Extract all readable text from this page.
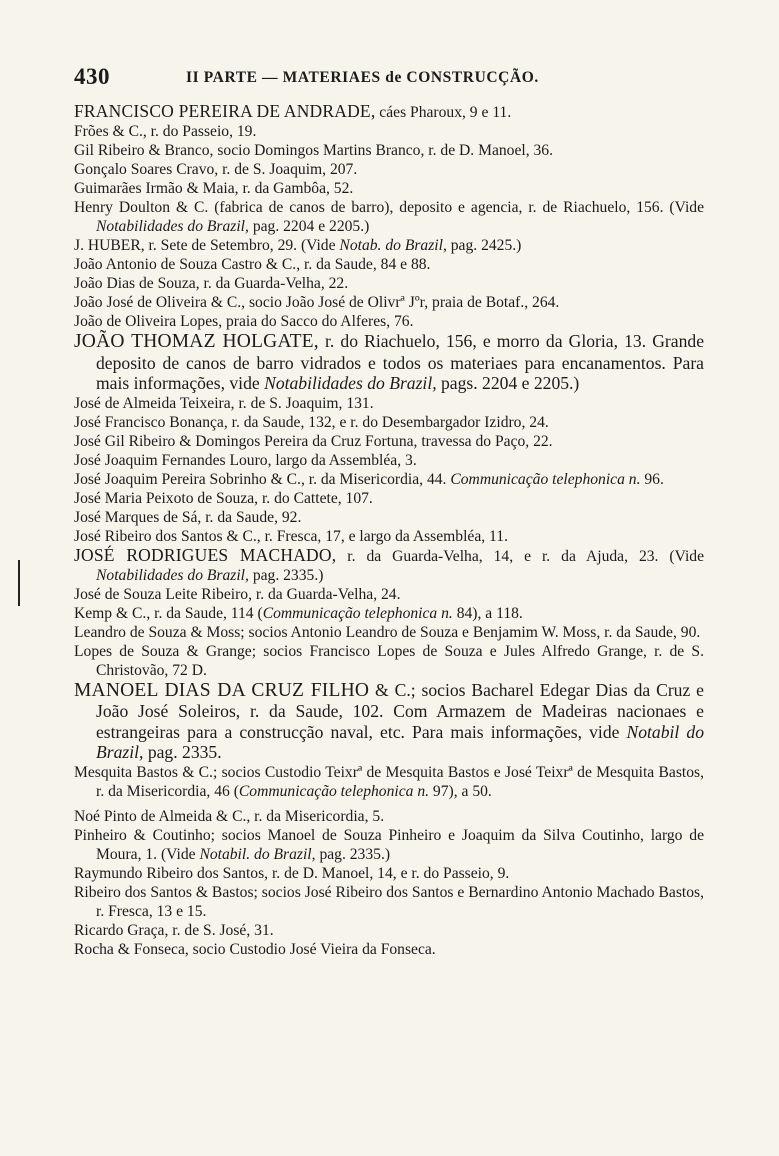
430	II PARTE — MATERIAES de CONSTRUCÇÃO.
FRANCISCO PEREIRA DE ANDRADE, cáes Pharoux, 9 e 11.
Frões & C., r. do Passeio, 19.
Gil Ribeiro & Branco, socio Domingos Martins Branco, r. de D. Manoel, 36.
Gonçalo Soares Cravo, r. de S. Joaquim, 207.
Guimarães Irmão & Maia, r. da Gambôa, 52.
Henry Doulton & C. (fabrica de canos de barro), deposito e agencia, r. de Riachuelo, 156. (Vide Notabilidades do Brazil, pag. 2204 e 2205.)
J. HUBER, r. Sete de Setembro, 29. (Vide Notab. do Brazil, pag. 2425.)
João Antonio de Souza Castro & C., r. da Saude, 84 e 88.
João Dias de Souza, r. da Guarda-Velha, 22.
João José de Oliveira & C., socio João José de Olivrª Jºr, praia de Botaf., 264.
João de Oliveira Lopes, praia do Sacco do Alferes, 76.
JOÃO THOMAZ HOLGATE, r. do Riachuelo, 156, e morro da Gloria, 13. Grande deposito de canos de barro vidrados e todos os materiaes para encanamentos. Para mais informações, vide Notabilidades do Brazil, pags. 2204 e 2205.)
José de Almeida Teixeira, r. de S. Joaquim, 131.
José Francisco Bonança, r. da Saude, 132, e r. do Desembargador Izidro, 24.
José Gil Ribeiro & Domingos Pereira da Cruz Fortuna, travessa do Paço, 22.
José Joaquim Fernandes Louro, largo da Assembléa, 3.
José Joaquim Pereira Sobrinho & C., r. da Misericordia, 44. Communicação telephonica n. 96.
José Maria Peixoto de Souza, r. do Cattete, 107.
José Marques de Sá, r. da Saude, 92.
José Ribeiro dos Santos & C., r. Fresca, 17, e largo da Assembléa, 11.
JOSÉ RODRIGUES MACHADO, r. da Guarda-Velha, 14, e r. da Ajuda, 23. (Vide Notabilidades do Brazil, pag. 2335.)
José de Souza Leite Ribeiro, r. da Guarda-Velha, 24.
Kemp & C., r. da Saude, 114 (Communicação telephonica n. 84), a 118.
Leandro de Souza & Moss; socios Antonio Leandro de Souza e Benjamim W. Moss, r. da Saude, 90.
Lopes de Souza & Grange; socios Francisco Lopes de Souza e Jules Alfredo Grange, r. de S. Christovão, 72 D.
MANOEL DIAS DA CRUZ FILHO & C.; socios Bacharel Edegar Dias da Cruz e João José Soleiros, r. da Saude, 102. Com Armazem de Madeiras nacionaes e estrangeiras para a construcção naval, etc. Para mais informações, vide Notabil do Brazil, pag. 2335.
Mesquita Bastos & C.; socios Custodio Teixrª de Mesquita Bastos e José Teixrª de Mesquita Bastos, r. da Misericordia, 46 (Communicação telephonica n. 97), a 50.
Noé Pinto de Almeida & C., r. da Misericordia, 5.
Pinheiro & Coutinho; socios Manoel de Souza Pinheiro e Joaquim da Silva Coutinho, largo de Moura, 1. (Vide Notabil. do Brazil, pag. 2335.)
Raymundo Ribeiro dos Santos, r. de D. Manoel, 14, e r. do Passeio, 9.
Ribeiro dos Santos & Bastos; socios José Ribeiro dos Santos e Bernardino Antonio Machado Bastos, r. Fresca, 13 e 15.
Ricardo Graça, r. de S. José, 31.
Rocha & Fonseca, socio Custodio José Vieira da Fonseca.
